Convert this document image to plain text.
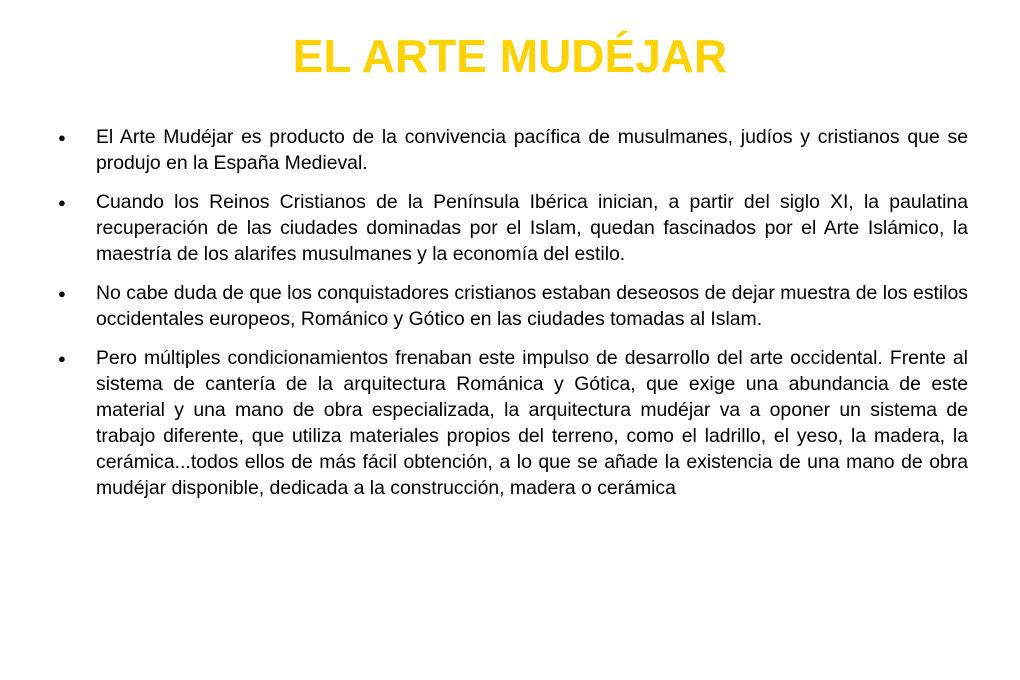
EL ARTE MUDÉJAR
● El Arte Mudéjar es producto de la convivencia pacífica de musulmanes, judíos y cristianos que se produjo en la España Medieval.
● Cuando los Reinos Cristianos de la Península Ibérica inician, a partir del siglo XI, la paulatina recuperación de las ciudades dominadas por el Islam, quedan fascinados por el Arte Islámico, la maestría de los alarifes musulmanes y la economía del estilo.
● No cabe duda de que los conquistadores cristianos estaban deseosos de dejar muestra de los estilos occidentales europeos, Románico y Gótico en las ciudades tomadas al Islam.
● Pero múltiples condicionamientos frenaban este impulso de desarrollo del arte occidental. Frente al sistema de cantería de la arquitectura Románica y Gótica, que exige una abundancia de este material y una mano de obra especializada, la arquitectura mudéjar va a oponer un sistema de trabajo diferente, que utiliza materiales propios del terreno, como el ladrillo, el yeso, la madera, la cerámica...todos ellos de más fácil obtención, a lo que se añade la existencia de una mano de obra mudéjar disponible, dedicada a la construcción, madera o cerámica
